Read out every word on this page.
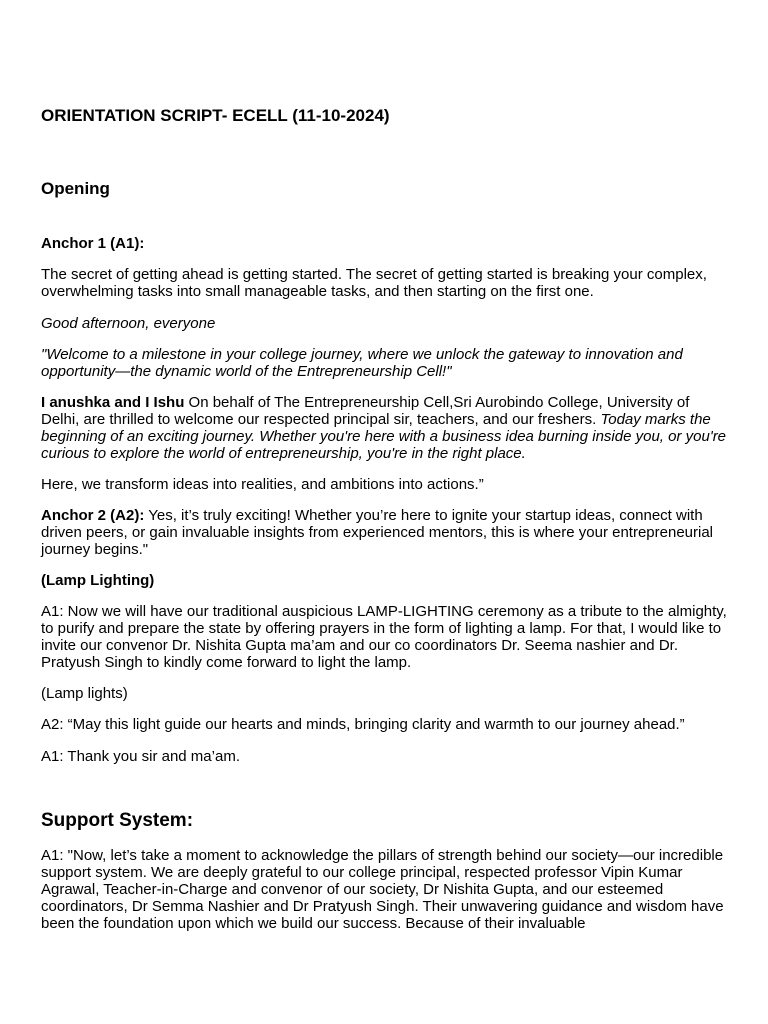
ORIENTATION SCRIPT- ECELL (11-10-2024)
Opening

Anchor 1 (A1):

The secret of getting ahead is getting started. The secret of getting started is breaking your complex, overwhelming tasks into small manageable tasks, and then starting on the first one.

Good afternoon, everyone

"Welcome to a milestone in your college journey, where we unlock the gateway to innovation and opportunity—the dynamic world of the Entrepreneurship Cell!"

I anushka and I Ishu On behalf of The Entrepreneurship Cell,Sri Aurobindo College, University of Delhi, are thrilled to welcome our respected principal sir, teachers, and our freshers. Today marks the beginning of an exciting journey. Whether you're here with a business idea burning inside you, or you're curious to explore the world of entrepreneurship, you're in the right place.

Here, we transform ideas into realities, and ambitions into actions.”

Anchor 2 (A2): Yes, it’s truly exciting! Whether you’re here to ignite your startup ideas, connect with driven peers, or gain invaluable insights from experienced mentors, this is where your entrepreneurial journey begins."

(Lamp Lighting)

A1: Now we will have our traditional auspicious LAMP-LIGHTING ceremony as a tribute to the almighty, to purify and prepare the state by offering prayers in the form of lighting a lamp. For that, I would like to invite our convenor Dr. Nishita Gupta ma’am and our co coordinators Dr. Seema nashier and Dr. Pratyush Singh to kindly come forward to light the lamp.

(Lamp lights)

A2: “May this light guide our hearts and minds, bringing clarity and warmth to our journey ahead.”

A1: Thank you sir and ma’am.

Support System:

A1: "Now, let’s take a moment to acknowledge the pillars of strength behind our society—our incredible support system. We are deeply grateful to our college principal, respected professor Vipin Kumar Agrawal, Teacher-in-Charge and convenor of our society, Dr Nishita Gupta, and our esteemed coordinators, Dr Semma Nashier and Dr Pratyush Singh. Their unwavering guidance and wisdom have been the foundation upon which we build our success. Because of their invaluable
